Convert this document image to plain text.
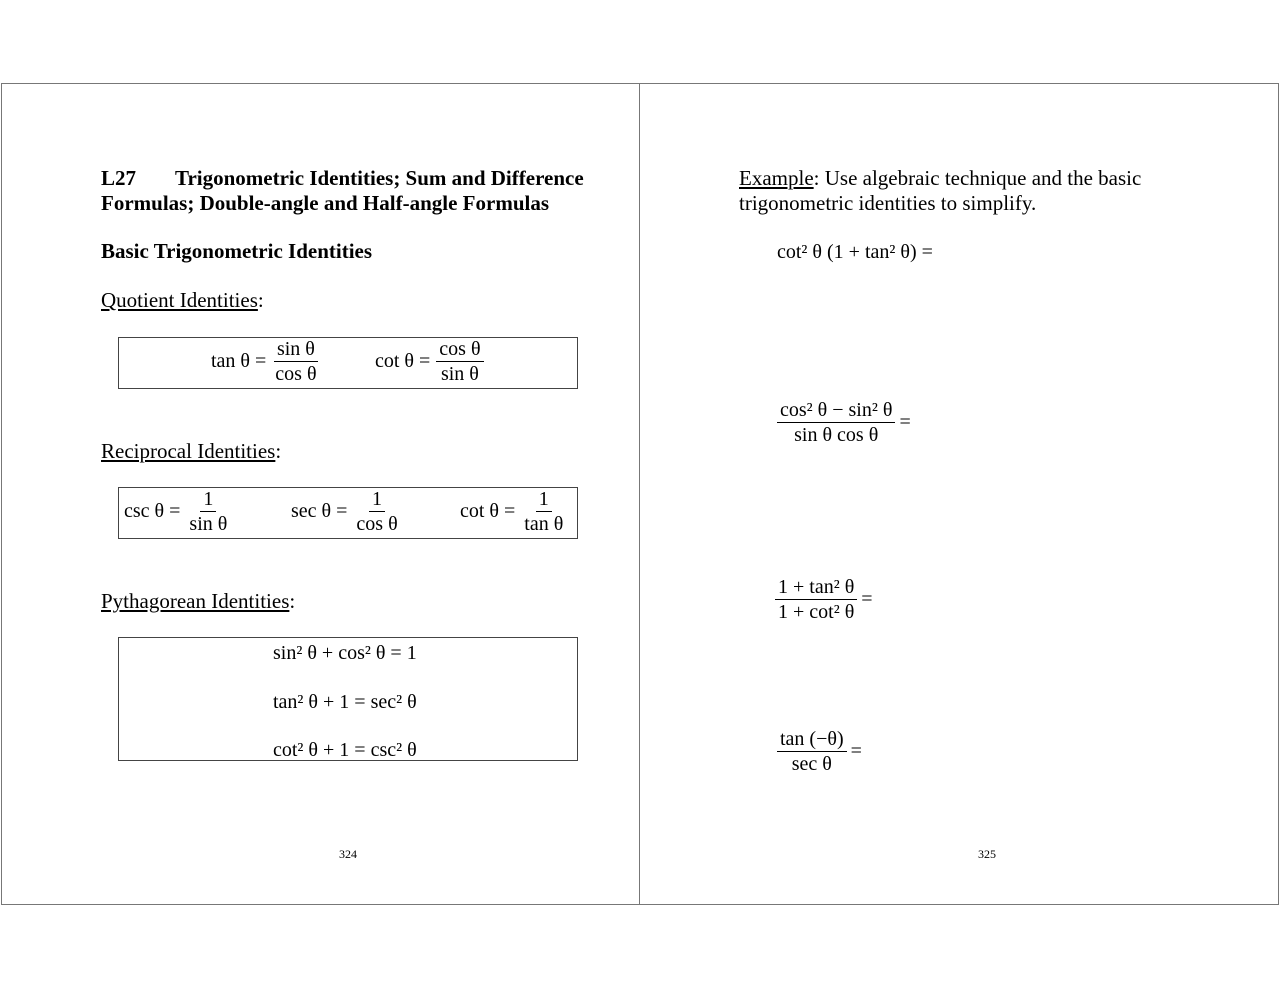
L27 Trigonometric Identities; Sum and Difference
Formulas; Double-angle and Half-angle Formulas
Basic Trigonometric Identities
Quotient Identities:
$\tan \theta = \frac{\text{sin θ}}{\text{cos θ}}$	$\cot \theta = \frac{\text{cos θ}}{\text{sin θ}}$
Reciprocal Identities:
$\csc \theta = \frac{1}{\text{sin θ}}$	$\sec \theta = \frac{1}{\text{cos θ}}$	$\cot \theta = \frac{1}{\text{tan θ}}$
Pythagorean Identities:
sin² θ + cos² θ = 1
tan² θ + 1 = sec² θ
cot² θ + 1 = csc² θ
324
Example: Use algebraic technique and the basic
trigonometric identities to simplify.
cot² θ (1 + tan² θ) =
$\frac{\text{cos² θ − sin² θ}}{\text{sin θ cos θ}}$ =
$\frac{\text{1 + tan² θ}}{\text{1 + cot² θ}}$ =
$\frac{\tan (-\theta)}{\text{sec θ}}$ =
325
